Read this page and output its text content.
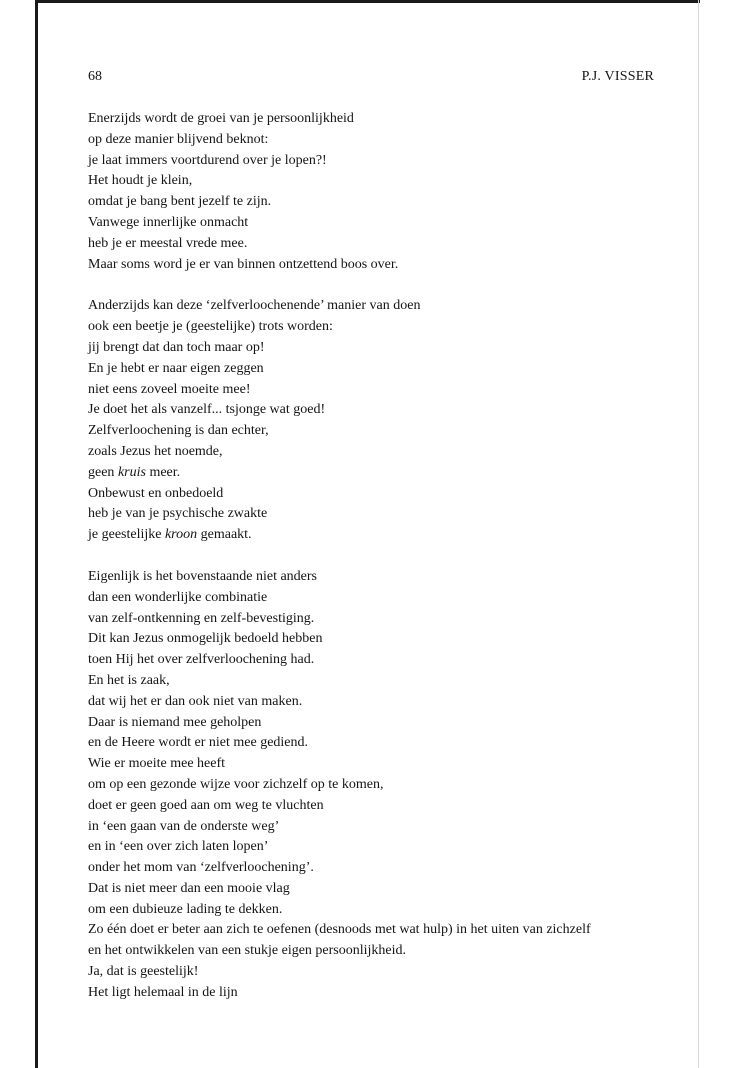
68	P.J. VISSER
Enerzijds wordt de groei van je persoonlijkheid
op deze manier blijvend beknot:
je laat immers voortdurend over je lopen?!
Het houdt je klein,
omdat je bang bent jezelf te zijn.
Vanwege innerlijke onmacht
heb je er meestal vrede mee.
Maar soms word je er van binnen ontzettend boos over.
Anderzijds kan deze ‘zelfverloochenende’ manier van doen
ook een beetje je (geestelijke) trots worden:
jij brengt dat dan toch maar op!
En je hebt er naar eigen zeggen
niet eens zoveel moeite mee!
Je doet het als vanzelf... tsjonge wat goed!
Zelfverloochening is dan echter,
zoals Jezus het noemde,
geen kruis meer.
Onbewust en onbedoeld
heb je van je psychische zwakte
je geestelijke kroon gemaakt.
Eigenlijk is het bovenstaande niet anders
dan een wonderlijke combinatie
van zelf-ontkenning en zelf-bevestiging.
Dit kan Jezus onmogelijk bedoeld hebben
toen Hij het over zelfverloochening had.
En het is zaak,
dat wij het er dan ook niet van maken.
Daar is niemand mee geholpen
en de Heere wordt er niet mee gediend.
Wie er moeite mee heeft
om op een gezonde wijze voor zichzelf op te komen,
doet er geen goed aan om weg te vluchten
in ‘een gaan van de onderste weg’
en in ‘een over zich laten lopen’
onder het mom van ‘zelfverloochening’.
Dat is niet meer dan een mooie vlag
om een dubieuze lading te dekken.
Zo één doet er beter aan zich te oefenen (desnoods met wat hulp) in het uiten van zichzelf
en het ontwikkelen van een stukje eigen persoonlijkheid.
Ja, dat is geestelijk!
Het ligt helemaal in de lijn
